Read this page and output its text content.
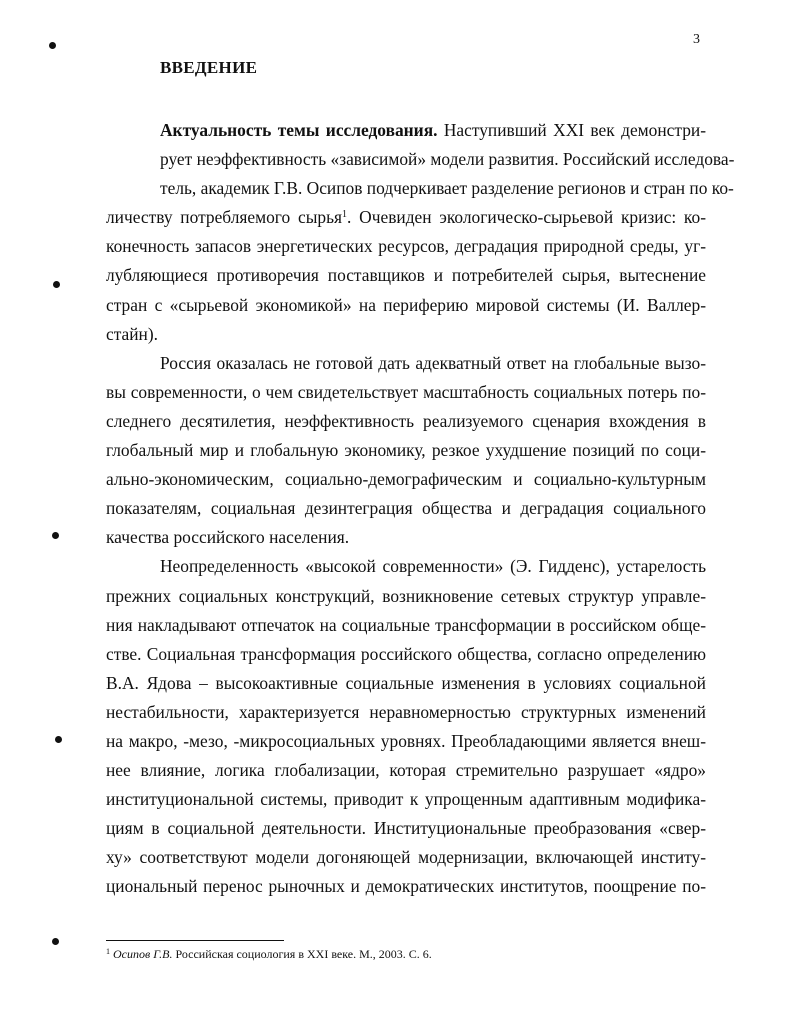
3
ВВЕДЕНИЕ

Актуальность темы исследования. Наступивший XXI век демонстри-
рует неэффективность «зависимой» модели развития. Российский исследова-
тель, академик Г.В. Осипов подчеркивает разделение регионов и стран по ко-
личеству потребляемого сырья$^1$. Очевиден экологическо-сырьевой кризис: ко-
конечность запасов энергетических ресурсов, деградация природной среды, уг-
лубляющиеся противоречия поставщиков и потребителей сырья, вытеснение
стран с «сырьевой экономикой» на периферию мировой системы (И. Валлер-
стайн).

Россия оказалась не готовой дать адекватный ответ на глобальные вызо-
вы современности, о чем свидетельствует масштабность социальных потерь по-
следнего десятилетия, неэффективность реализуемого сценария вхождения в
глобальный мир и глобальную экономику, резкое ухудшение позиций по соци-
ально-экономическим, социально-демографическим и социально-культурным
показателям, социальная дезинтеграция общества и деградация социального
качества российского населения.

Неопределенность «высокой современности» (Э. Гидденс), устарелость
прежних социальных конструкций, возникновение сетевых структур управле-
ния накладывают отпечаток на социальные трансформации в российском обще-
стве. Социальная трансформация российского общества, согласно определению
В.А. Ядова – высокоактивные социальные изменения в условиях социальной
нестабильности, характеризуется неравномерностью структурных изменений
на макро, -мезо, -микросоциальных уровнях. Преобладающими является внеш-
нее влияние, логика глобализации, которая стремительно разрушает «ядро»
институциональной системы, приводит к упрощенным адаптивным модифика-
циям в социальной деятельности. Институциональные преобразования «свер-
ху» соответствуют модели догоняющей модернизации, включающей институ-
циональный перенос рыночных и демократических институтов, поощрение по-

$^1$ Осипов Г.В. Российская социология в XXI веке. М., 2003. С. 6.
